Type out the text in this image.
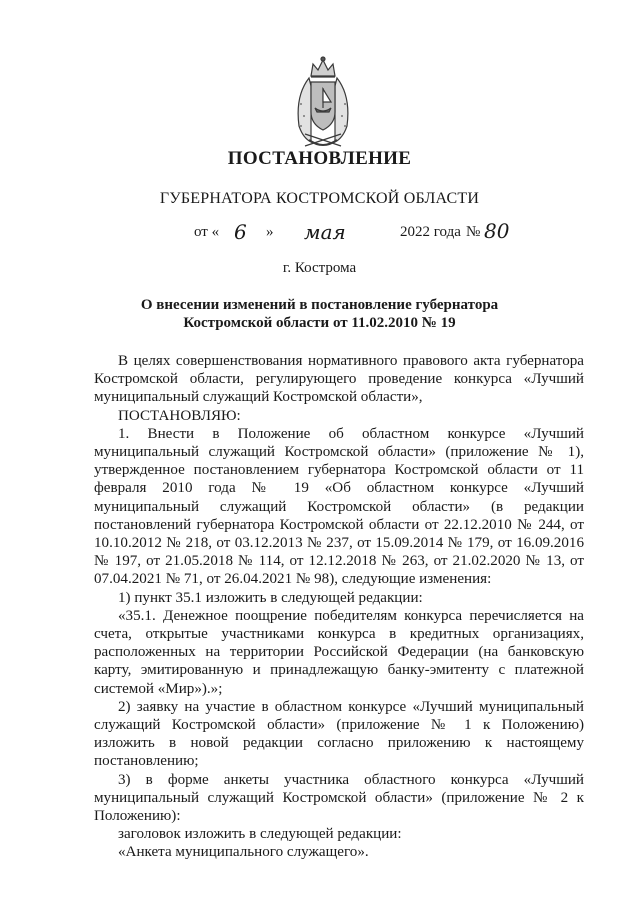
ПОСТАНОВЛЕНИЕ
ГУБЕРНАТОРА КОСТРОМСКОЙ ОБЛАСТИ
от « 6 » мая	2022 года № 80
г. Кострома
О внесении изменений в постановление губернатора
Костромской области от 11.02.2010 № 19

В целях совершенствования нормативного правового акта губернатора Костромской области, регулирующего проведение конкурса «Лучший муниципальный служащий Костромской области»,

ПОСТАНОВЛЯЮ:

1. Внести в Положение об областном конкурсе «Лучший муниципальный служащий Костромской области» (приложение № 1), утвержденное постановлением губернатора Костромской области от 11 февраля 2010 года № 19 «Об областном конкурсе «Лучший муниципальный служащий Костромской области» (в редакции постановлений губернатора Костромской области от 22.12.2010 № 244, от 10.10.2012 № 218, от 03.12.2013 № 237, от 15.09.2014 № 179, от 16.09.2016 № 197, от 21.05.2018 № 114, от 12.12.2018 № 263, от 21.02.2020 № 13, от 07.04.2021 № 71, от 26.04.2021 № 98), следующие изменения:

1) пункт 35.1 изложить в следующей редакции:

«35.1. Денежное поощрение победителям конкурса перечисляется на счета, открытые участниками конкурса в кредитных организациях, расположенных на территории Российской Федерации (на банковскую карту, эмитированную и принадлежащую банку-эмитенту с платежной системой «Мир»).»;

2) заявку на участие в областном конкурсе «Лучший муниципальный служащий Костромской области» (приложение № 1 к Положению) изложить в новой редакции согласно приложению к настоящему постановлению;

3) в форме анкеты участника областного конкурса «Лучший муниципальный служащий Костромской области» (приложение № 2 к Положению):

заголовок изложить в следующей редакции:

«Анкета муниципального служащего».
